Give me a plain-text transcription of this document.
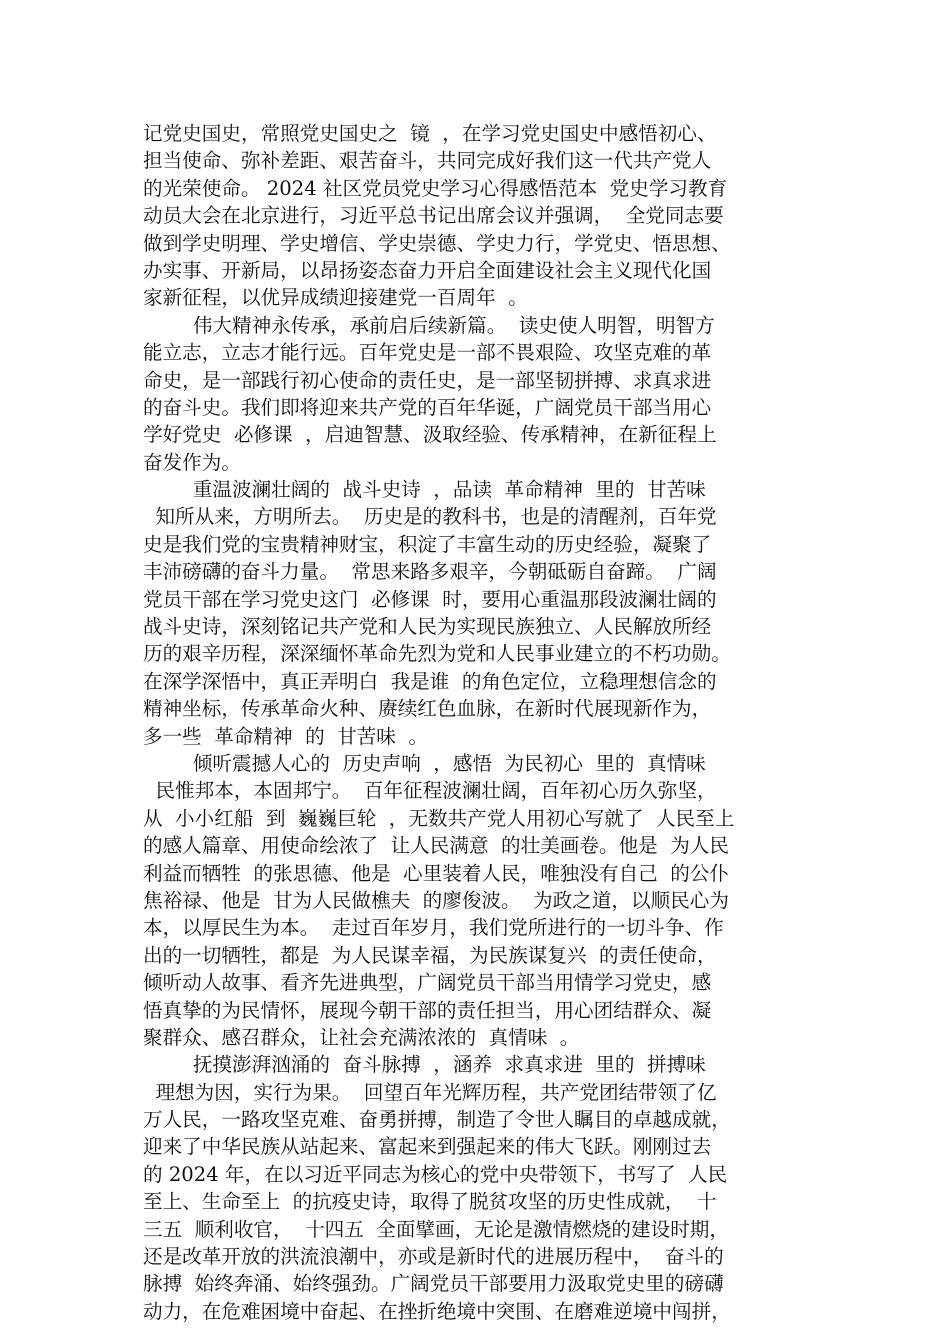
记党史国史，常照党史国史之  镜  ，在学习党史国史中感悟初心、
担当使命、弥补差距、艰苦奋斗，共同完成好我们这一代共产党人
的光荣使命。 2024 社区党员党史学习心得感悟范本  党史学习教育
动员大会在北京进行，习近平总书记出席会议并强调，  全党同志要
做到学史明理、学史增信、学史崇德、学史力行，学党史、悟思想、
办实事、开新局，以昂扬姿态奋力开启全面建设社会主义现代化国
家新征程，以优异成绩迎接建党一百周年  。
伟大精神永传承，承前启后续新篇。  读史使人明智，明智方
能立志，立志才能行远。百年党史是一部不畏艰险、攻坚克难的革
命史，是一部践行初心使命的责任史，是一部坚韧拼搏、求真求进
的奋斗史。我们即将迎来共产党的百年华诞，广阔党员干部当用心
学好党史  必修课  ，启迪智慧、汲取经验、传承精神，在新征程上
奋发作为。
重温波澜壮阔的  战斗史诗  ，品读  革命精神  里的  甘苦味
知所从来，方明所去。  历史是的教科书，也是的清醒剂，百年党
史是我们党的宝贵精神财宝，积淀了丰富生动的历史经验，凝聚了
丰沛磅礴的奋斗力量。  常思来路多艰辛，今朝砥砺自奋蹄。  广阔
党员干部在学习党史这门  必修课  时，要用心重温那段波澜壮阔的
战斗史诗，深刻铭记共产党和人民为实现民族独立、人民解放所经
历的艰辛历程，深深缅怀革命先烈为党和人民事业建立的不朽功勋。
在深学深悟中，真正弄明白  我是谁  的角色定位，立稳理想信念的
精神坐标，传承革命火种、赓续红色血脉，在新时代展现新作为，
多一些  革命精神  的  甘苦味  。
倾听震撼人心的  历史声响  ，感悟  为民初心  里的  真情味
民惟邦本，本固邦宁。  百年征程波澜壮阔，百年初心历久弥坚，
从  小小红船  到  巍巍巨轮  ，无数共产党人用初心写就了  人民至上
的感人篇章、用使命绘浓了  让人民满意  的壮美画卷。他是  为人民
利益而牺牲  的张思德、他是  心里装着人民，唯独没有自己  的公仆
焦裕禄、他是  甘为人民做樵夫  的廖俊波。  为政之道，以顺民心为
本，以厚民生为本。  走过百年岁月，我们党所进行的一切斗争、作
出的一切牺牲，都是  为人民谋幸福，为民族谋复兴  的责任使命，
倾听动人故事、看齐先进典型，广阔党员干部当用情学习党史，感
悟真挚的为民情怀，展现今朝干部的责任担当，用心团结群众、凝
聚群众、感召群众，让社会充满浓浓的  真情味  。
抚摸澎湃汹涌的  奋斗脉搏  ，涵养  求真求进  里的  拼搏味
理想为因，实行为果。  回望百年光辉历程，共产党团结带领了亿
万人民，一路攻坚克难、奋勇拼搏，制造了令世人瞩目的卓越成就，
迎来了中华民族从站起来、富起来到强起来的伟大飞跃。刚刚过去
的 2024 年，在以习近平同志为核心的党中央带领下，书写了  人民
至上、生命至上  的抗疫史诗，取得了脱贫攻坚的历史性成就，  十
三五  顺利收官，  十四五  全面擘画，无论是激情燃烧的建设时期，
还是改革开放的洪流浪潮中，亦或是新时代的进展历程中，  奋斗的
脉搏  始终奔涌、始终强劲。广阔党员干部要用力汲取党史里的磅礴
动力，在危难困境中奋起、在挫折绝境中突围、在磨难逆境中闯拼，
